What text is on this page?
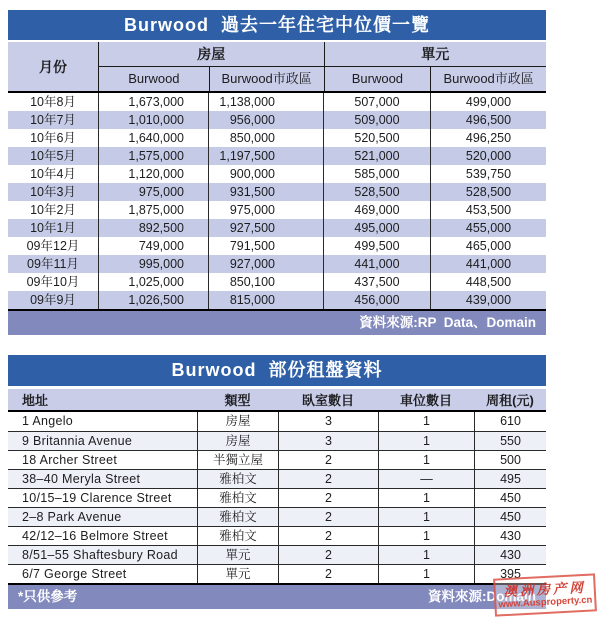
Burwood  過去一年住宅中位價一覽
月份
房屋	單元
Burwood	Burwood市政區	Burwood	Burwood市政區
10年8月	1,673,000	1,138,000	507,000	499,000
10年7月	1,010,000	956,000	509,000	496,500
10年6月	1,640,000	850,000	520,500	496,250
10年5月	1,575,000	1,197,500	521,000	520,000
10年4月	1,120,000	900,000	585,000	539,750
10年3月	975,000	931,500	528,500	528,500
10年2月	1,875,000	975,000	469,000	453,500
10年1月	892,500	927,500	495,000	455,000
09年12月	749,000	791,500	499,500	465,000
09年11月	995,000	927,000	441,000	441,000
09年10月	1,025,000	850,100	437,500	448,500
09年9月	1,026,500	815,000	456,000	439,000
資料來源:RP  Data、Domain
Burwood  部份租盤資料
地址	類型	臥室數目	車位數目	周租(元)
1 Angelo	房屋	3	1	610
9 Britannia Avenue	房屋	3	1	550
18 Archer Street	半獨立屋	2	1	500
38–40 Meryla Street	雅柏文	2	—	495
10/15–19 Clarence Street	雅柏文	2	1	450
2–8 Park Avenue	雅柏文	2	1	450
42/12–16 Belmore Street	雅柏文	2	1	430
8/51–55 Shaftesbury Road	單元	2	1	430
6/7 George Street	單元	2	1	395
*只供參考	資料來源:Domain
澳洲房产网
www.Ausproperty.cn
